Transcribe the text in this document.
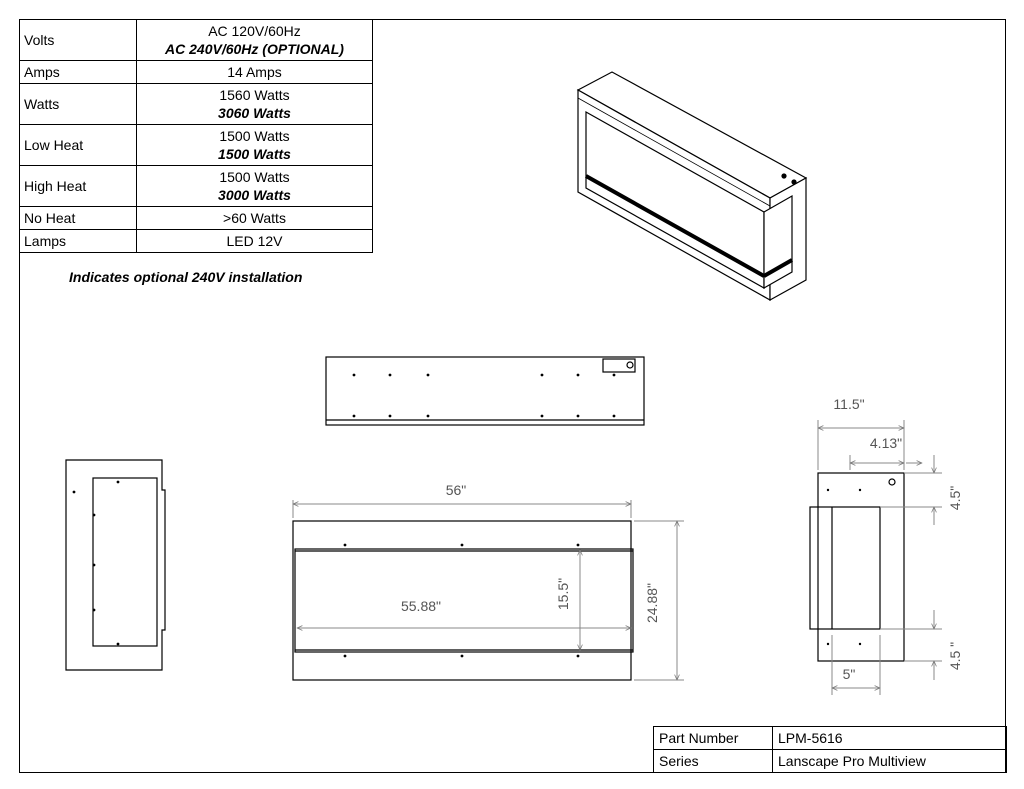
Volts	AC 120V/60Hz
AC 240V/60Hz (OPTIONAL)

Amps	14 Amps
Watts	1560 Watts
3060 Watts

Low Heat	1500 Watts
1500 Watts

High Heat	1500 Watts
3000 Watts

No Heat	>60 Watts
Lamps	LED 12V
Indicates optional 240V installation
56"
55.88"	15.5"	24.88"
11.5"
4.13"
4.5"
4.5 "
5"
Part Number	LPM-5616
Series	Lanscape Pro Multiview
